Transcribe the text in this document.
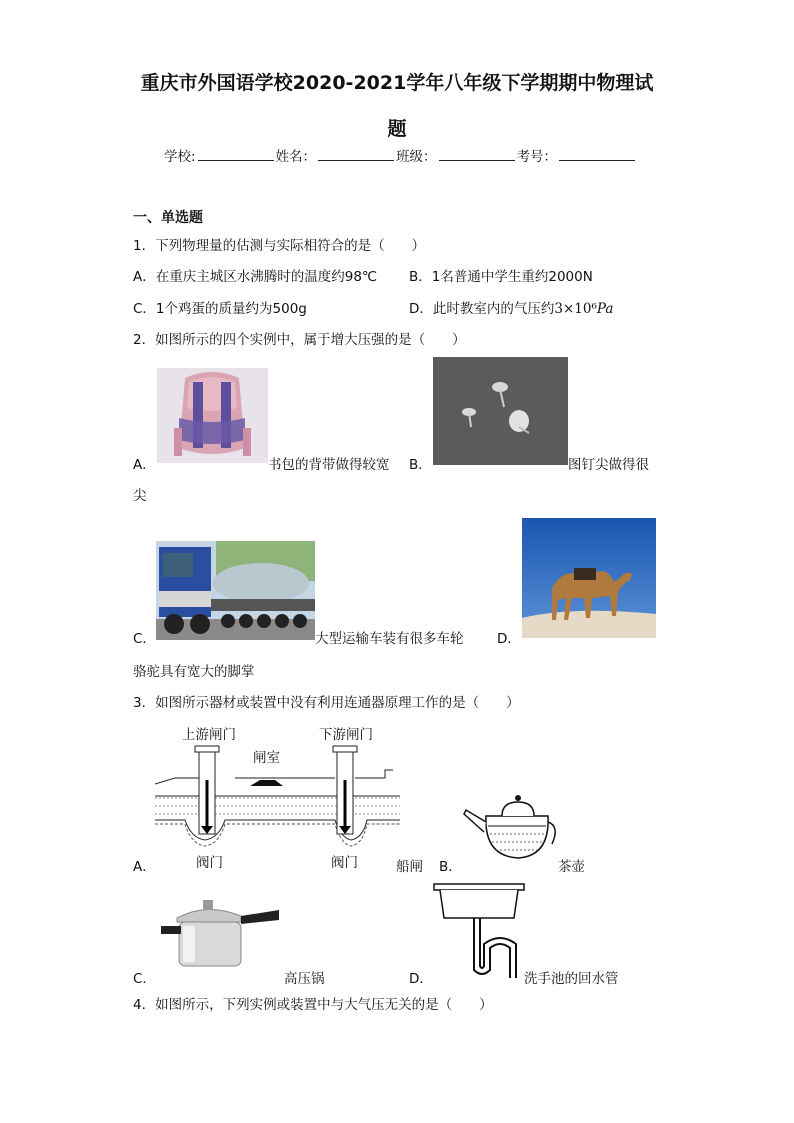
重庆市外国语学校2020-2021学年八年级下学期期中物理试
题
学校:	姓名：	班级：	考号：
一、单选题
1．下列物理量的估测与实际相符合的是（　　）
A．在重庆主城区水沸腾时的温度约98℃ B．1名普通中学生重约2000N
C．1个鸡蛋的质量约为500g	D．此时教室内的气压约3×10⁶Pa
2．如图所示的四个实例中，属于增大压强的是（　　）
A．	书包的背带做得较宽 B．	图钉尖做得很
尖
C．	大型运输车装有很多车轮 D．
骆驼具有宽大的脚掌
3．如图所示器材或装置中没有利用连通器原理工作的是（　　）
上游闸门	下游闸门
闸室
阀门	阀门
A．	船闸 B．	茶壶
C．	高压锅	D．	洗手池的回水管
4．如图所示，下列实例或装置中与大气压无关的是（　　）
